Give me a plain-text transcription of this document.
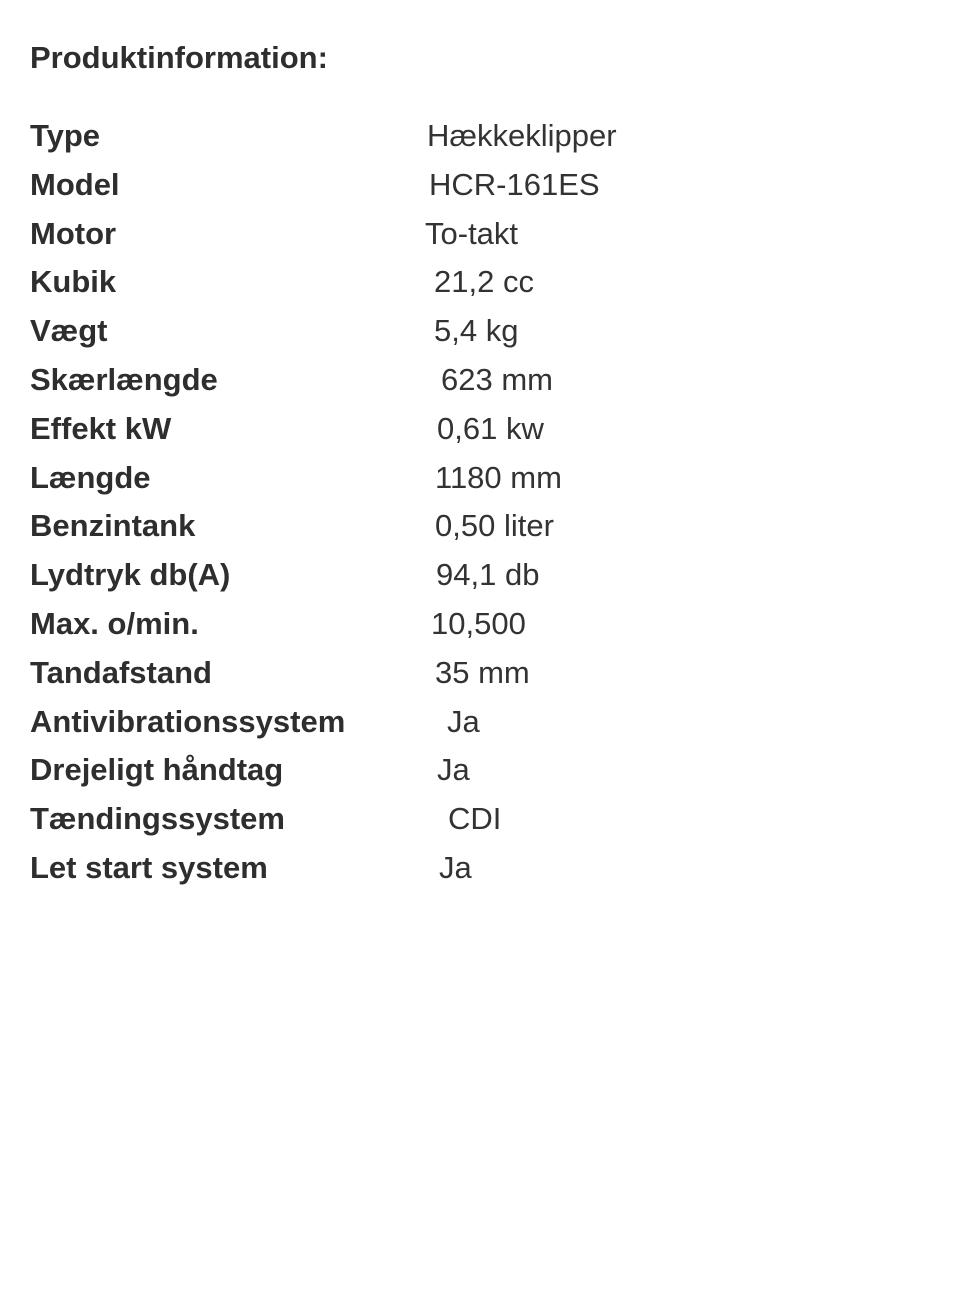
Produktinformation:
Type	Hækkeklipper
Model	HCR-161ES
Motor	To-takt
Kubik	21,2 cc
Vægt	5,4 kg
Skærlængde	623 mm
Effekt kW	0,61 kw
Længde	1180 mm
Benzintank	0,50 liter
Lydtryk db(A)	94,1 db
Max. o/min.	10,500
Tandafstand	35 mm
Antivibrationssystem	Ja
Drejeligt håndtag	Ja
Tændingssystem	CDI
Let start system	Ja
